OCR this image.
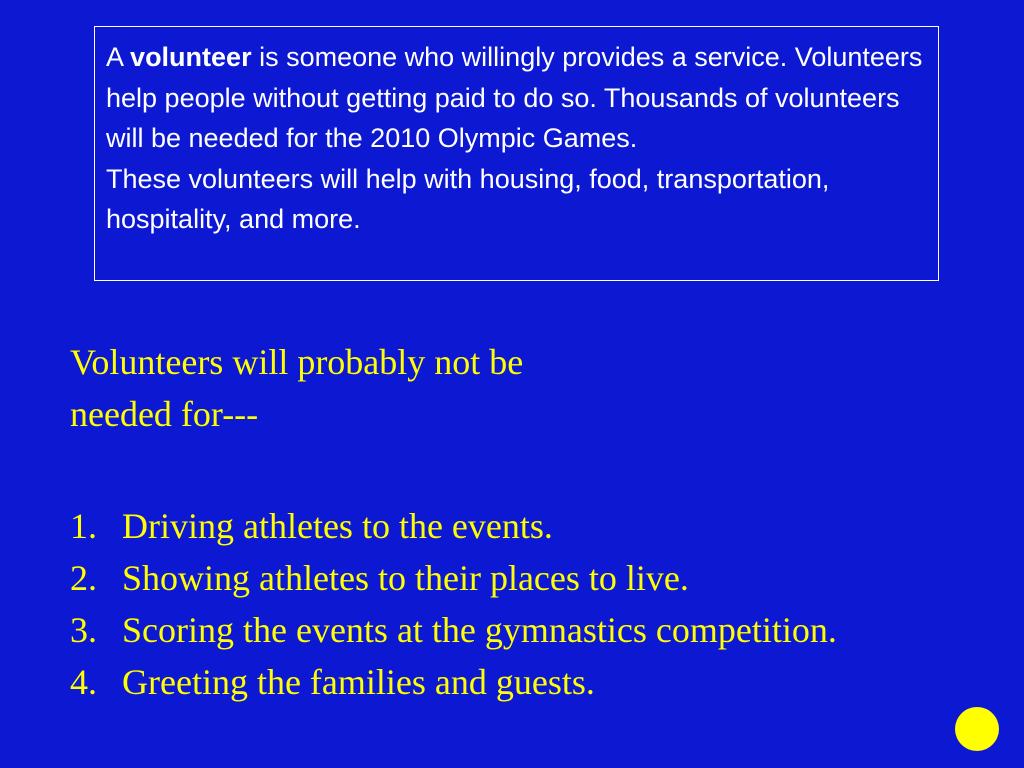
A volunteer is someone who willingly provides a service. Volunteers help people without getting paid to do so. Thousands of volunteers will be needed for the 2010 Olympic Games.

These volunteers will help with housing, food, transportation, hospitality, and more.

Volunteers will probably not be
needed for---

1. Driving athletes to the events.
2. Showing athletes to their places to live.
3. Scoring the events at the gymnastics competition.
4. Greeting the families and guests.
